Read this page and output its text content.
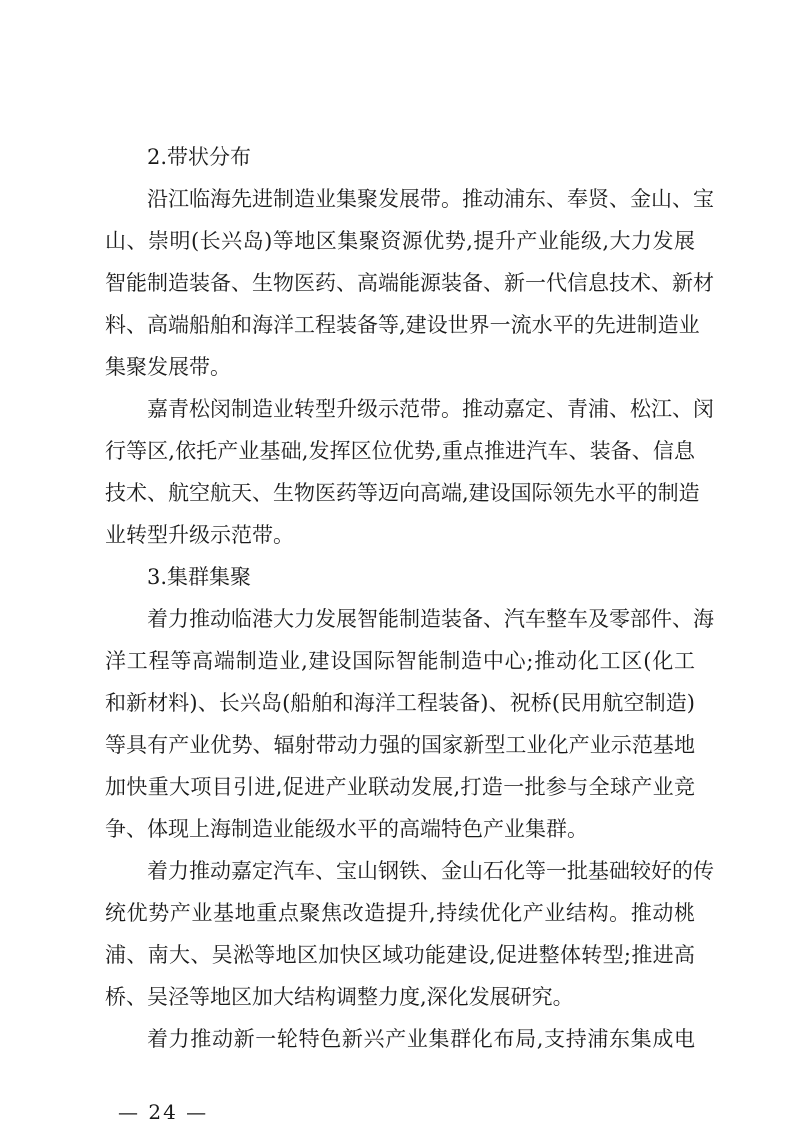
2.带状分布
沿江临海先进制造业集聚发展带。推动浦东、奉贤、金山、宝
山、崇明(长兴岛)等地区集聚资源优势,提升产业能级,大力发展
智能制造装备、生物医药、高端能源装备、新一代信息技术、新材
料、高端船舶和海洋工程装备等,建设世界一流水平的先进制造业
集聚发展带。
嘉青松闵制造业转型升级示范带。推动嘉定、青浦、松江、闵
行等区,依托产业基础,发挥区位优势,重点推进汽车、装备、信息
技术、航空航天、生物医药等迈向高端,建设国际领先水平的制造
业转型升级示范带。
3.集群集聚
着力推动临港大力发展智能制造装备、汽车整车及零部件、海
洋工程等高端制造业,建设国际智能制造中心;推动化工区(化工
和新材料)、长兴岛(船舶和海洋工程装备)、祝桥(民用航空制造)
等具有产业优势、辐射带动力强的国家新型工业化产业示范基地
加快重大项目引进,促进产业联动发展,打造一批参与全球产业竞
争、体现上海制造业能级水平的高端特色产业集群。
着力推动嘉定汽车、宝山钢铁、金山石化等一批基础较好的传
统优势产业基地重点聚焦改造提升,持续优化产业结构。推动桃
浦、南大、吴淞等地区加快区域功能建设,促进整体转型;推进高
桥、吴泾等地区加大结构调整力度,深化发展研究。
着力推动新一轮特色新兴产业集群化布局,支持浦东集成电
— 24 —
